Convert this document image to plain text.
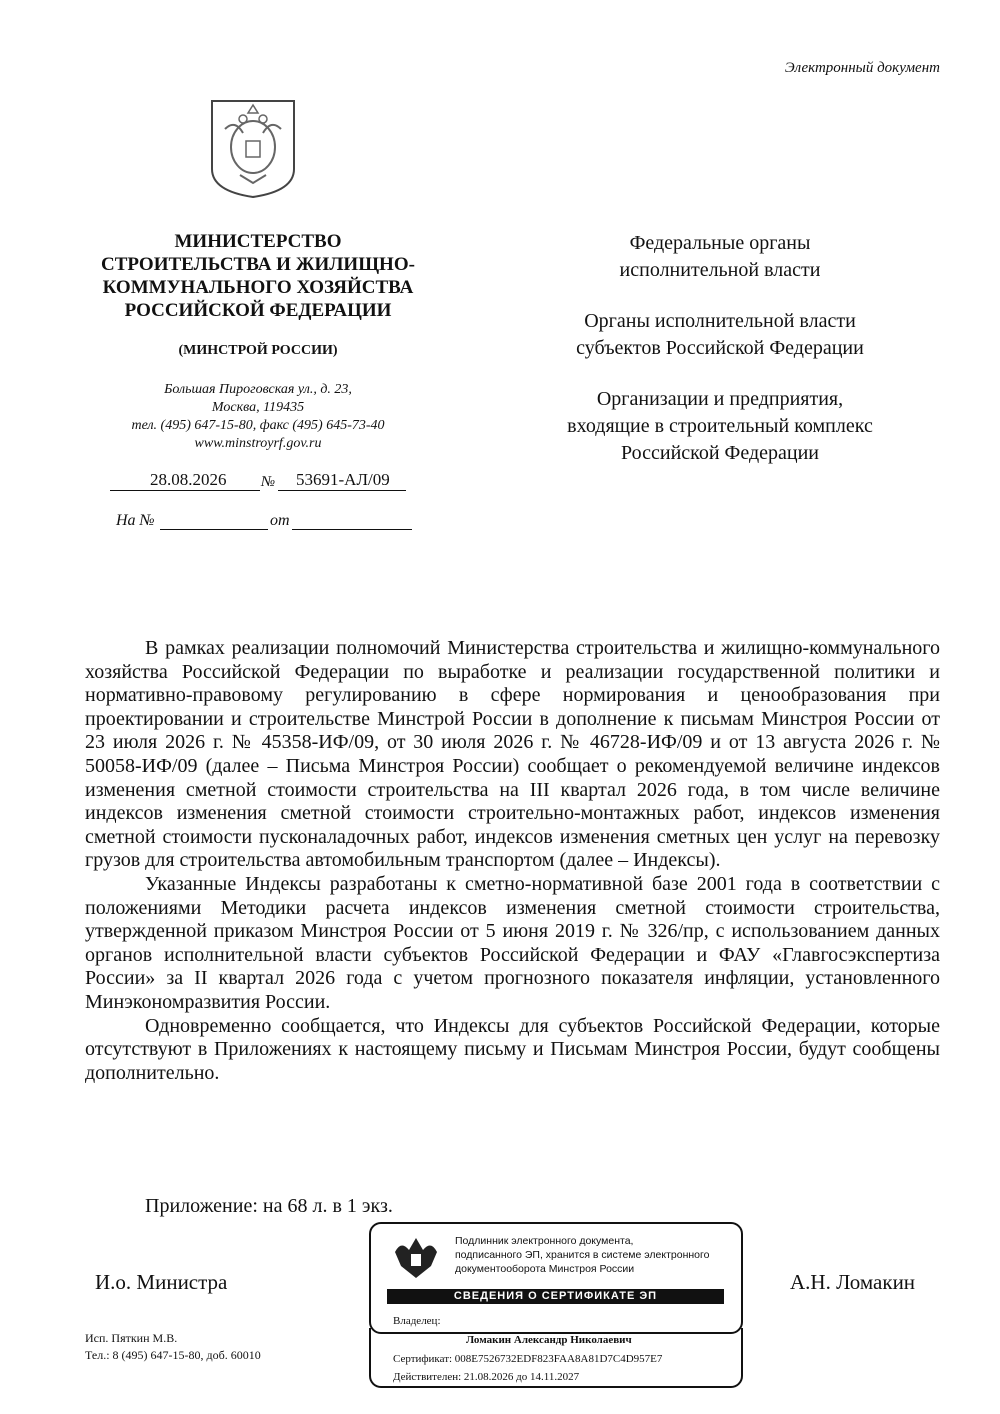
Электронный документ
МИНИСТЕРСТВО
СТРОИТЕЛЬСТВА И ЖИЛИЩНО-
КОММУНАЛЬНОГО ХОЗЯЙСТВА
РОССИЙСКОЙ ФЕДЕРАЦИИ
(МИНСТРОЙ РОССИИ)
Большая Пироговская ул., д. 23,
Москва, 119435
тел. (495) 647-15-80, факс (495) 645-73-40
www.minstroyrf.gov.ru
28.08.2026 № 53691-АЛ/09
На №	от

Федеральные органы
исполнительной власти

Органы исполнительной власти
субъектов Российской Федерации

Организации и предприятия,
входящие в строительный комплекс
Российской Федерации

В рамках реализации полномочий Министерства строительства и жилищно-коммунального хозяйства Российской Федерации по выработке и реализации государственной политики и нормативно-правовому регулированию в сфере нормирования и ценообразования при проектировании и строительстве Минстрой России в дополнение к письмам Минстроя России от 23 июля 2026 г. № 45358-ИФ/09, от 30 июля 2026 г. № 46728-ИФ/09 и от 13 августа 2026 г. № 50058-ИФ/09 (далее – Письма Минстроя России) сообщает о рекомендуемой величине индексов изменения сметной стоимости строительства на III квартал 2026 года, в том числе величине индексов изменения сметной стоимости строительно-монтажных работ, индексов изменения сметной стоимости пусконаладочных работ, индексов изменения сметных цен услуг на перевозку грузов для строительства автомобильным транспортом (далее – Индексы).

Указанные Индексы разработаны к сметно-нормативной базе 2001 года в соответствии с положениями Методики расчета индексов изменения сметной стоимости строительства, утвержденной приказом Минстроя России от 5 июня 2019 г. № 326/пр, с использованием данных органов исполнительной власти субъектов Российской Федерации и ФАУ «Главгосэкспертиза России» за II квартал 2026 года с учетом прогнозного показателя инфляции, установленного Минэкономразвития России.

Одновременно сообщается, что Индексы для субъектов Российской Федерации, которые отсутствуют в Приложениях к настоящему письму и Письмам Минстроя России, будут сообщены дополнительно.

Приложение: на 68 л. в 1 экз.
И.о. Министра	А.Н. Ломакин
Подлинник электронного документа,
подписанного ЭП, хранится в системе электронного
документооборота Минстроя России
СВЕДЕНИЯ О СЕРТИФИКАТЕ ЭП
Владелец:
Ломакин Александр Николаевич
Сертификат: 008E7526732EDF823FAA8A81D7C4D957E7
Действителен: 21.08.2026 до 14.11.2027
Исп. Пяткин М.В.
Тел.: 8 (495) 647-15-80, доб. 60010
